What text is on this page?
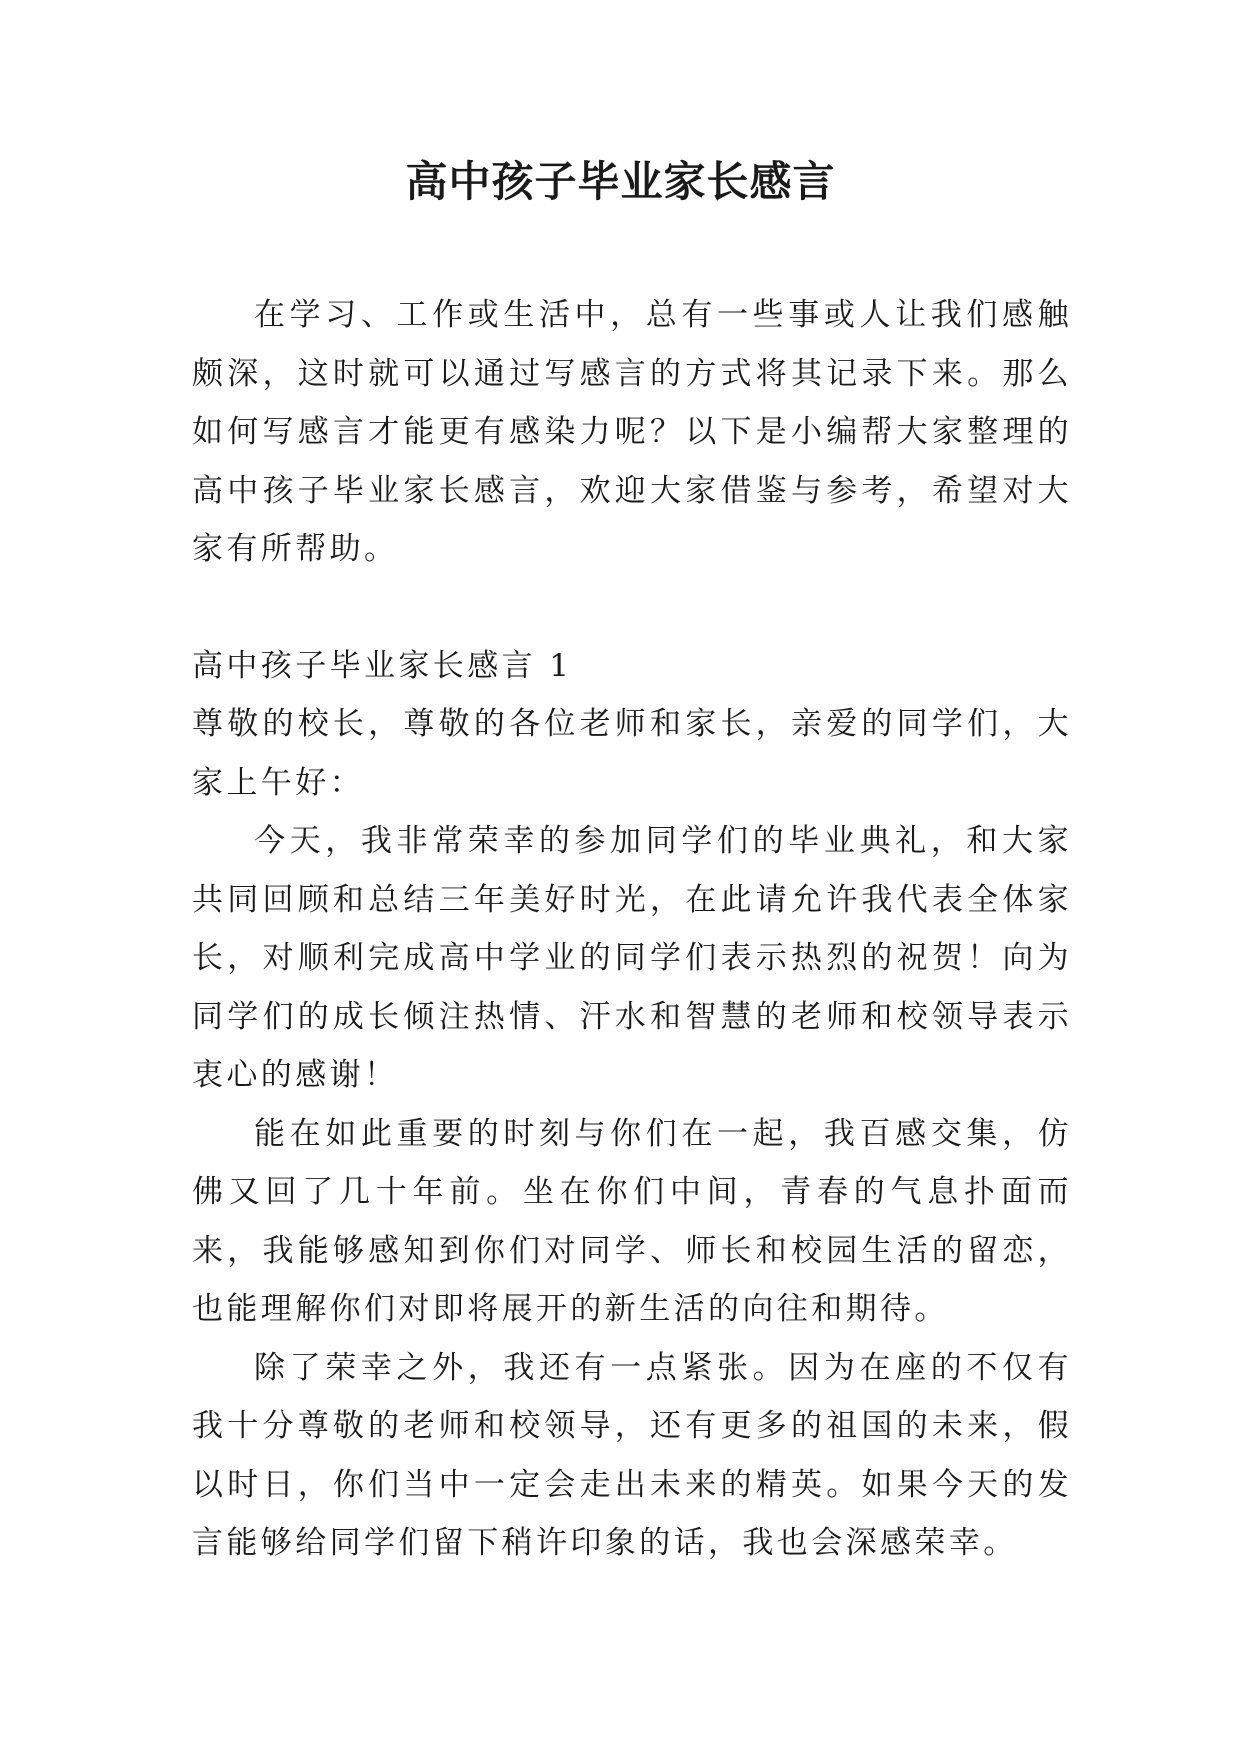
高中孩子毕业家长感言

在学习、工作或生活中，总有一些事或人让我们感触颇深，这时就可以通过写感言的方式将其记录下来。那么如何写感言才能更有感染力呢？以下是小编帮大家整理的高中孩子毕业家长感言，欢迎大家借鉴与参考，希望对大家有所帮助。

高中孩子毕业家长感言 1

尊敬的校长，尊敬的各位老师和家长，亲爱的同学们，大家上午好：

今天，我非常荣幸的参加同学们的毕业典礼，和大家共同回顾和总结三年美好时光，在此请允许我代表全体家长，对顺利完成高中学业的同学们表示热烈的祝贺！向为同学们的成长倾注热情、汗水和智慧的老师和校领导表示衷心的感谢！

能在如此重要的时刻与你们在一起，我百感交集，仿佛又回了几十年前。坐在你们中间，青春的气息扑面而来，我能够感知到你们对同学、师长和校园生活的留恋，也能理解你们对即将展开的新生活的向往和期待。

除了荣幸之外，我还有一点紧张。因为在座的不仅有我十分尊敬的老师和校领导，还有更多的祖国的未来，假以时日，你们当中一定会走出未来的精英。如果今天的发言能够给同学们留下稍许印象的话，我也会深感荣幸。
